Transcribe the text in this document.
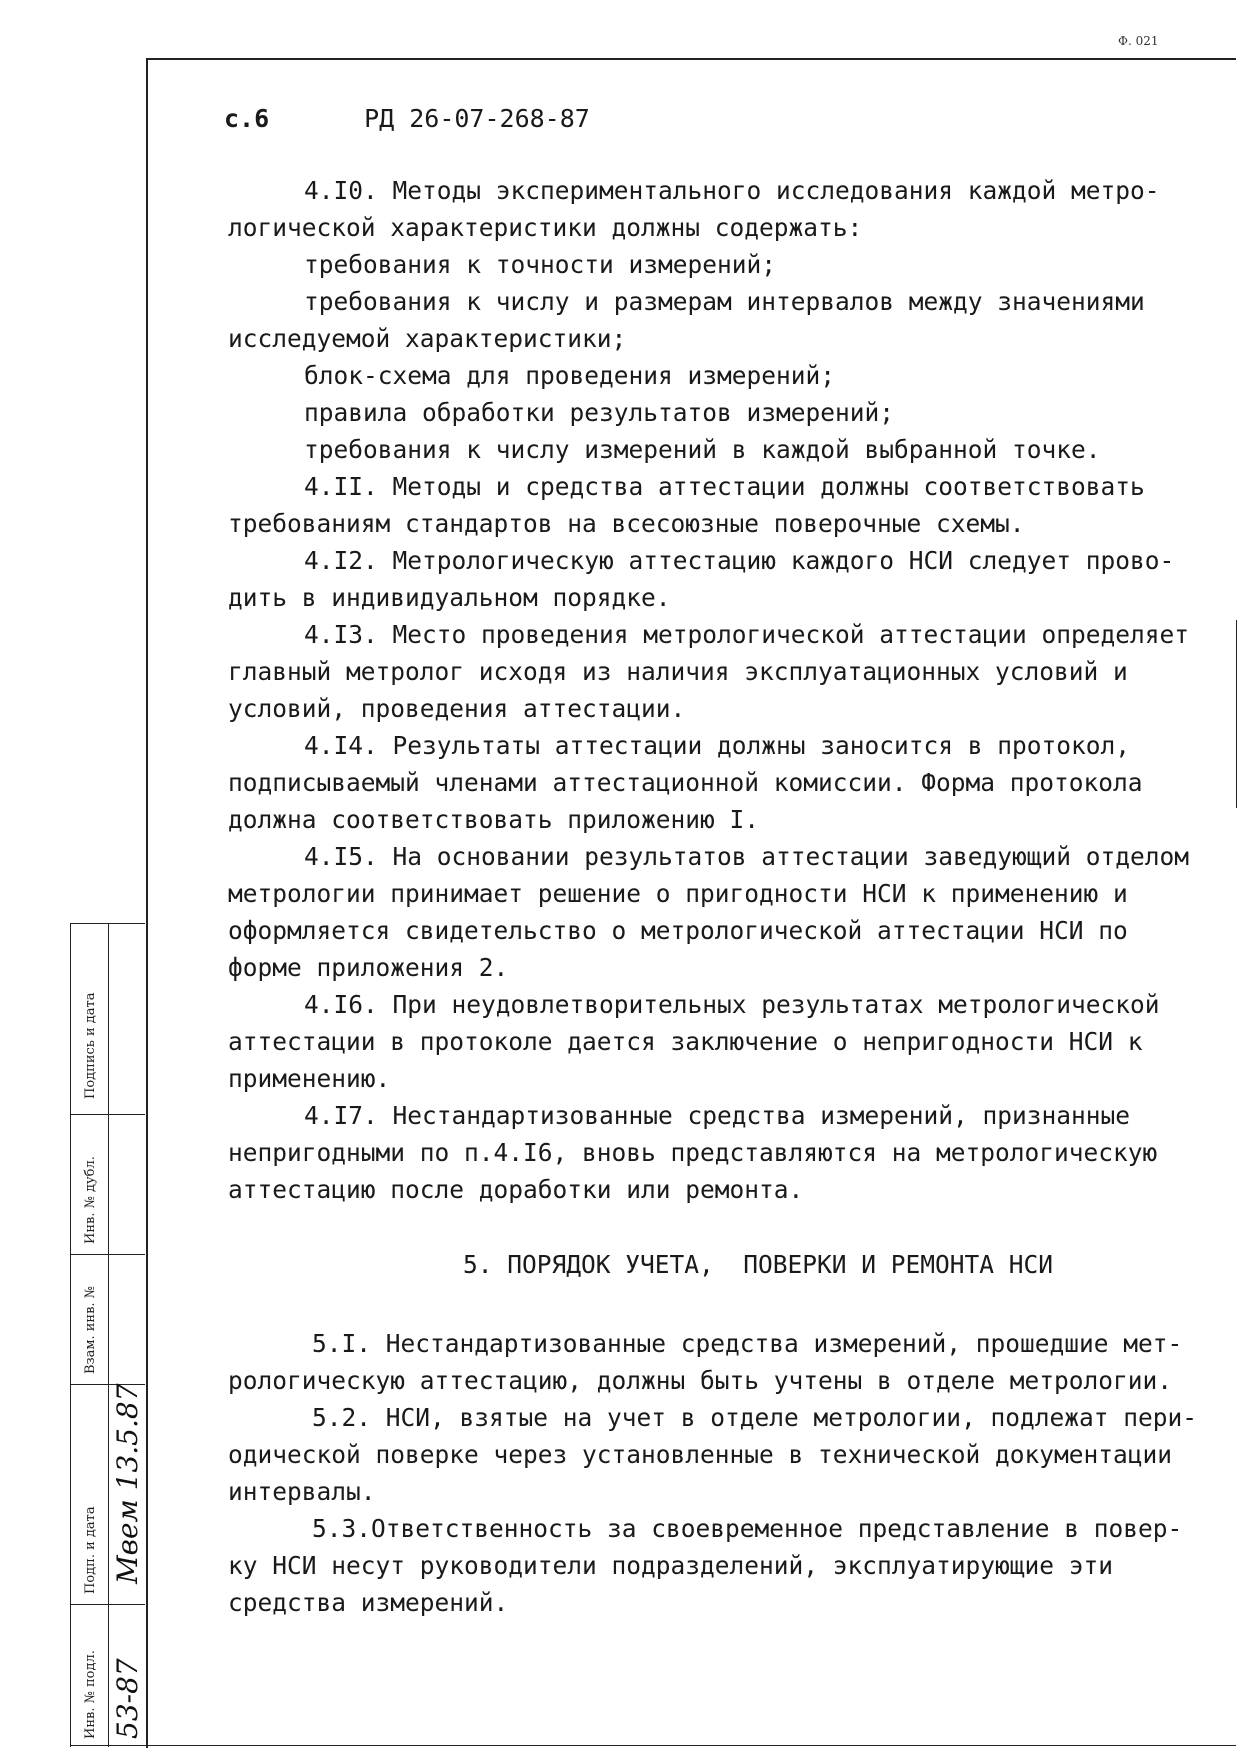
Ф. 021
с.6	РД 26-07-268-87
4.I0. Методы экспериментального исследования каждой метро-
логической характеристики должны содержать:
требования к точности измерений;
требования к числу и размерам интервалов между значениями
исследуемой характеристики;
блок-схема для проведения измерений;
правила обработки результатов измерений;
требования к числу измерений в каждой выбранной точке.
4.II. Методы и средства аттестации должны соответствовать
требованиям стандартов на всесоюзные поверочные схемы.
4.I2. Метрологическую аттестацию каждого НСИ следует прово-
дить в индивидуальном порядке.
4.I3. Место проведения метрологической аттестации определяет
главный метролог исходя из наличия эксплуатационных условий и
условий, проведения аттестации.
4.I4. Результаты аттестации должны заносится в протокол,
подписываемый членами аттестационной комиссии. Форма протокола
должна соответствовать приложению I.
4.I5. На основании результатов аттестации заведующий отделом
метрологии принимает решение о пригодности НСИ к применению и
оформляется свидетельство о метрологической аттестации НСИ по
форме приложения 2.
4.I6. При неудовлетворительных результатах метрологической
аттестации в протоколе дается заключение о непригодности НСИ к
применению.
4.I7. Нестандартизованные средства измерений, признанные
непригодными по п.4.I6, вновь представляются на метрологическую
аттестацию после доработки или ремонта.
5. ПОРЯДОК УЧЕТА,  ПОВЕРКИ И РЕМОНТА НСИ
5.I. Нестандартизованные средства измерений, прошедшие мет-
рологическую аттестацию, должны быть учтены в отделе метрологии.
5.2. НСИ, взятые на учет в отделе метрологии, подлежат пери-
одической поверке через установленные в технической документации
интервалы.
5.3.Ответственность за своевременное представление в повер-
ку НСИ несут руководители подразделений, эксплуатирующие эти
средства измерений.
Подпись и дата
Инв. № дубл.
Взам. инв. №
Подп. и дата Мвем 13.5.87
Инв. № подл. 53-87
